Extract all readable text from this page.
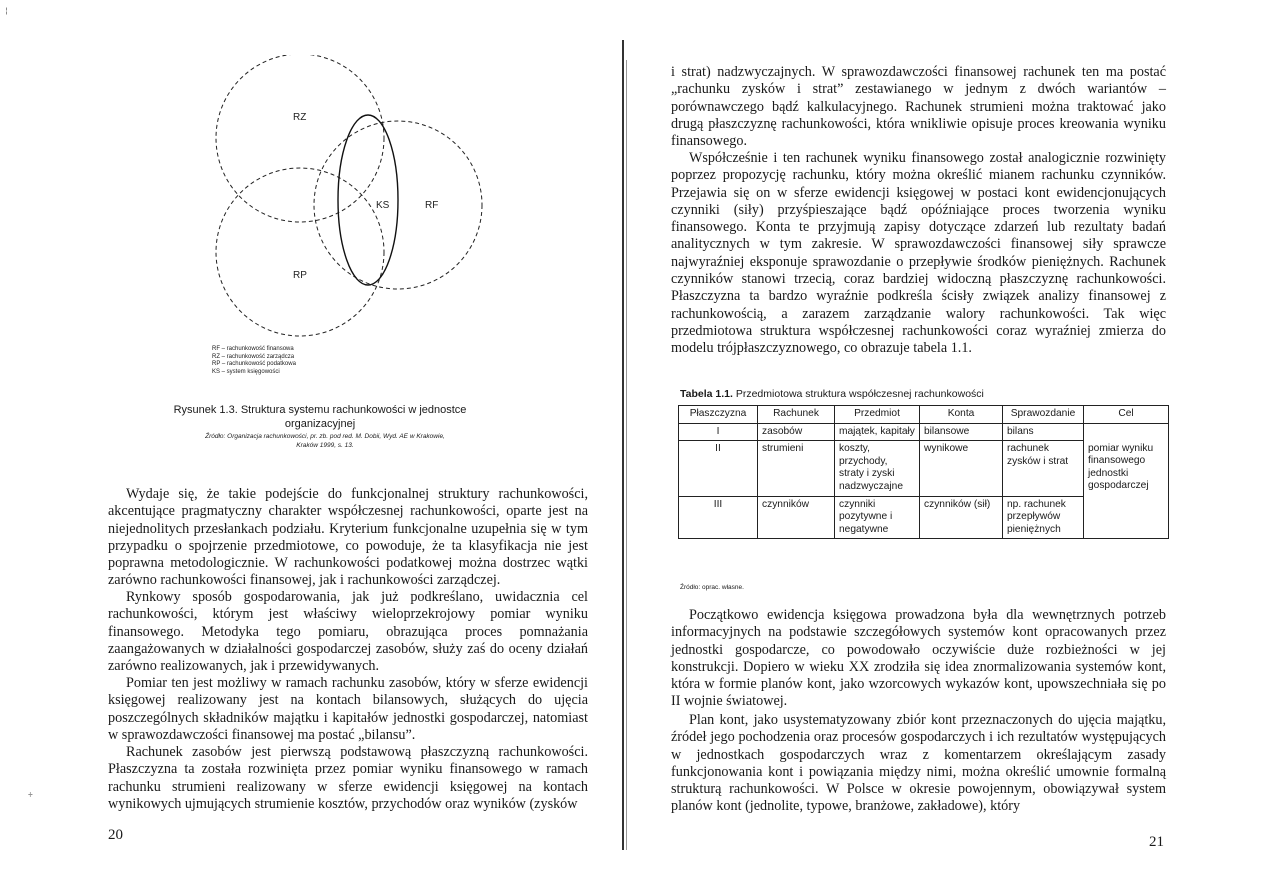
¦
÷
RZ
RF
KS
RP
RF – rachunkowość finansowa
RZ – rachunkowość zarządcza
RP – rachunkowość podatkowa
KS – system księgowości
Rysunek 1.3. Struktura systemu rachunkowości w jednostce
organizacyjnej
Źródło: Organizacja rachunkowości, pr. zb. pod red. M. Dobii, Wyd. AE w Krakowie,
Kraków 1999, s. 13.
Wydaje się, że takie podejście do funkcjonalnej struktury rachunkowości, akcentujące pragmatyczny charakter współczesnej rachunkowości, oparte jest na niejednolitych przesłankach podziału. Kryterium funkcjonalne uzupełnia się w tym przypadku o spojrzenie przedmiotowe, co powoduje, że ta klasyfikacja nie jest poprawna metodologicznie. W rachunkowości podatkowej można dostrzec wątki zarówno rachunkowości finansowej, jak i rachunkowości zarządczej.
Rynkowy sposób gospodarowania, jak już podkreślano, uwidacznia cel rachunkowości, którym jest właściwy wieloprzekrojowy pomiar wyniku finansowego. Metodyka tego pomiaru, obrazująca proces pomnażania zaangażowanych w działalności gospodarczej zasobów, służy zaś do oceny działań zarówno realizowanych, jak i przewidywanych.
Pomiar ten jest możliwy w ramach rachunku zasobów, który w sferze ewidencji księgowej realizowany jest na kontach bilansowych, służących do ujęcia poszczególnych składników majątku i kapitałów jednostki gospodarczej, natomiast w sprawozdawczości finansowej ma postać „bilansu”.
Rachunek zasobów jest pierwszą podstawową płaszczyzną rachunkowości. Płaszczyzna ta została rozwinięta przez pomiar wyniku finansowego w ramach rachunku strumieni realizowany w sferze ewidencji księgowej na kontach wynikowych ujmujących strumienie kosztów, przychodów oraz wyników (zysków
20
i strat) nadzwyczajnych. W sprawozdawczości finansowej rachunek ten ma postać „rachunku zysków i strat” zestawianego w jednym z dwóch wariantów – porównawczego bądź kalkulacyjnego. Rachunek strumieni można traktować jako drugą płaszczyznę rachunkowości, która wnikliwie opisuje proces kreowania wyniku finansowego.
Współcześnie i ten rachunek wyniku finansowego został analogicznie rozwinięty poprzez propozycję rachunku, który można określić mianem rachunku czynników. Przejawia się on w sferze ewidencji księgowej w postaci kont ewidencjonujących czynniki (siły) przyśpieszające bądź opóźniające proces tworzenia wyniku finansowego. Konta te przyjmują zapisy dotyczące zdarzeń lub rezultaty badań analitycznych w tym zakresie. W sprawozdawczości finansowej siły sprawcze najwyraźniej eksponuje sprawozdanie o przepływie środków pieniężnych. Rachunek czynników stanowi trzecią, coraz bardziej widoczną płaszczyznę rachunkowości. Płaszczyzna ta bardzo wyraźnie podkreśla ścisły związek analizy finansowej z rachunkowością, a zarazem zarządzanie walory rachunkowości. Tak więc przedmiotowa struktura współczesnej rachunkowości coraz wyraźniej zmierza do modelu trójpłaszczyznowego, co obrazuje tabela 1.1.
Tabela 1.1. Przedmiotowa struktura współczesnej rachunkowości
Płaszczyzna	Rachunek	Przedmiot	Konta	Sprawozdanie	Cel
I	zasobów	majątek, kapitały	bilansowe	bilans	
II	strumieni	koszty, przychody, straty i zyski nadzwyczajne	wynikowe	rachunek zysków i strat	pomiar wyniku finansowego jednostki gospodarczej
III	czynników	czynniki pozytywne i negatywne	czynników (sił)	np. rachunek przepływów pieniężnych	
Źródło: oprac. własne.
Początkowo ewidencja księgowa prowadzona była dla wewnętrznych potrzeb informacyjnych na podstawie szczegółowych systemów kont opracowanych przez jednostki gospodarcze, co powodowało oczywiście duże rozbieżności w jej konstrukcji. Dopiero w wieku XX zrodziła się idea znormalizowania systemów kont, która w formie planów kont, jako wzorcowych wykazów kont, upowszechniała się po II wojnie światowej.
Plan kont, jako usystematyzowany zbiór kont przeznaczonych do ujęcia majątku, źródeł jego pochodzenia oraz procesów gospodarczych i ich rezultatów występujących w jednostkach gospodarczych wraz z komentarzem określającym zasady funkcjonowania kont i powiązania między nimi, można określić umownie formalną strukturą rachunkowości. W Polsce w okresie powojennym, obowiązywał system planów kont (jednolite, typowe, branżowe, zakładowe), który
21
